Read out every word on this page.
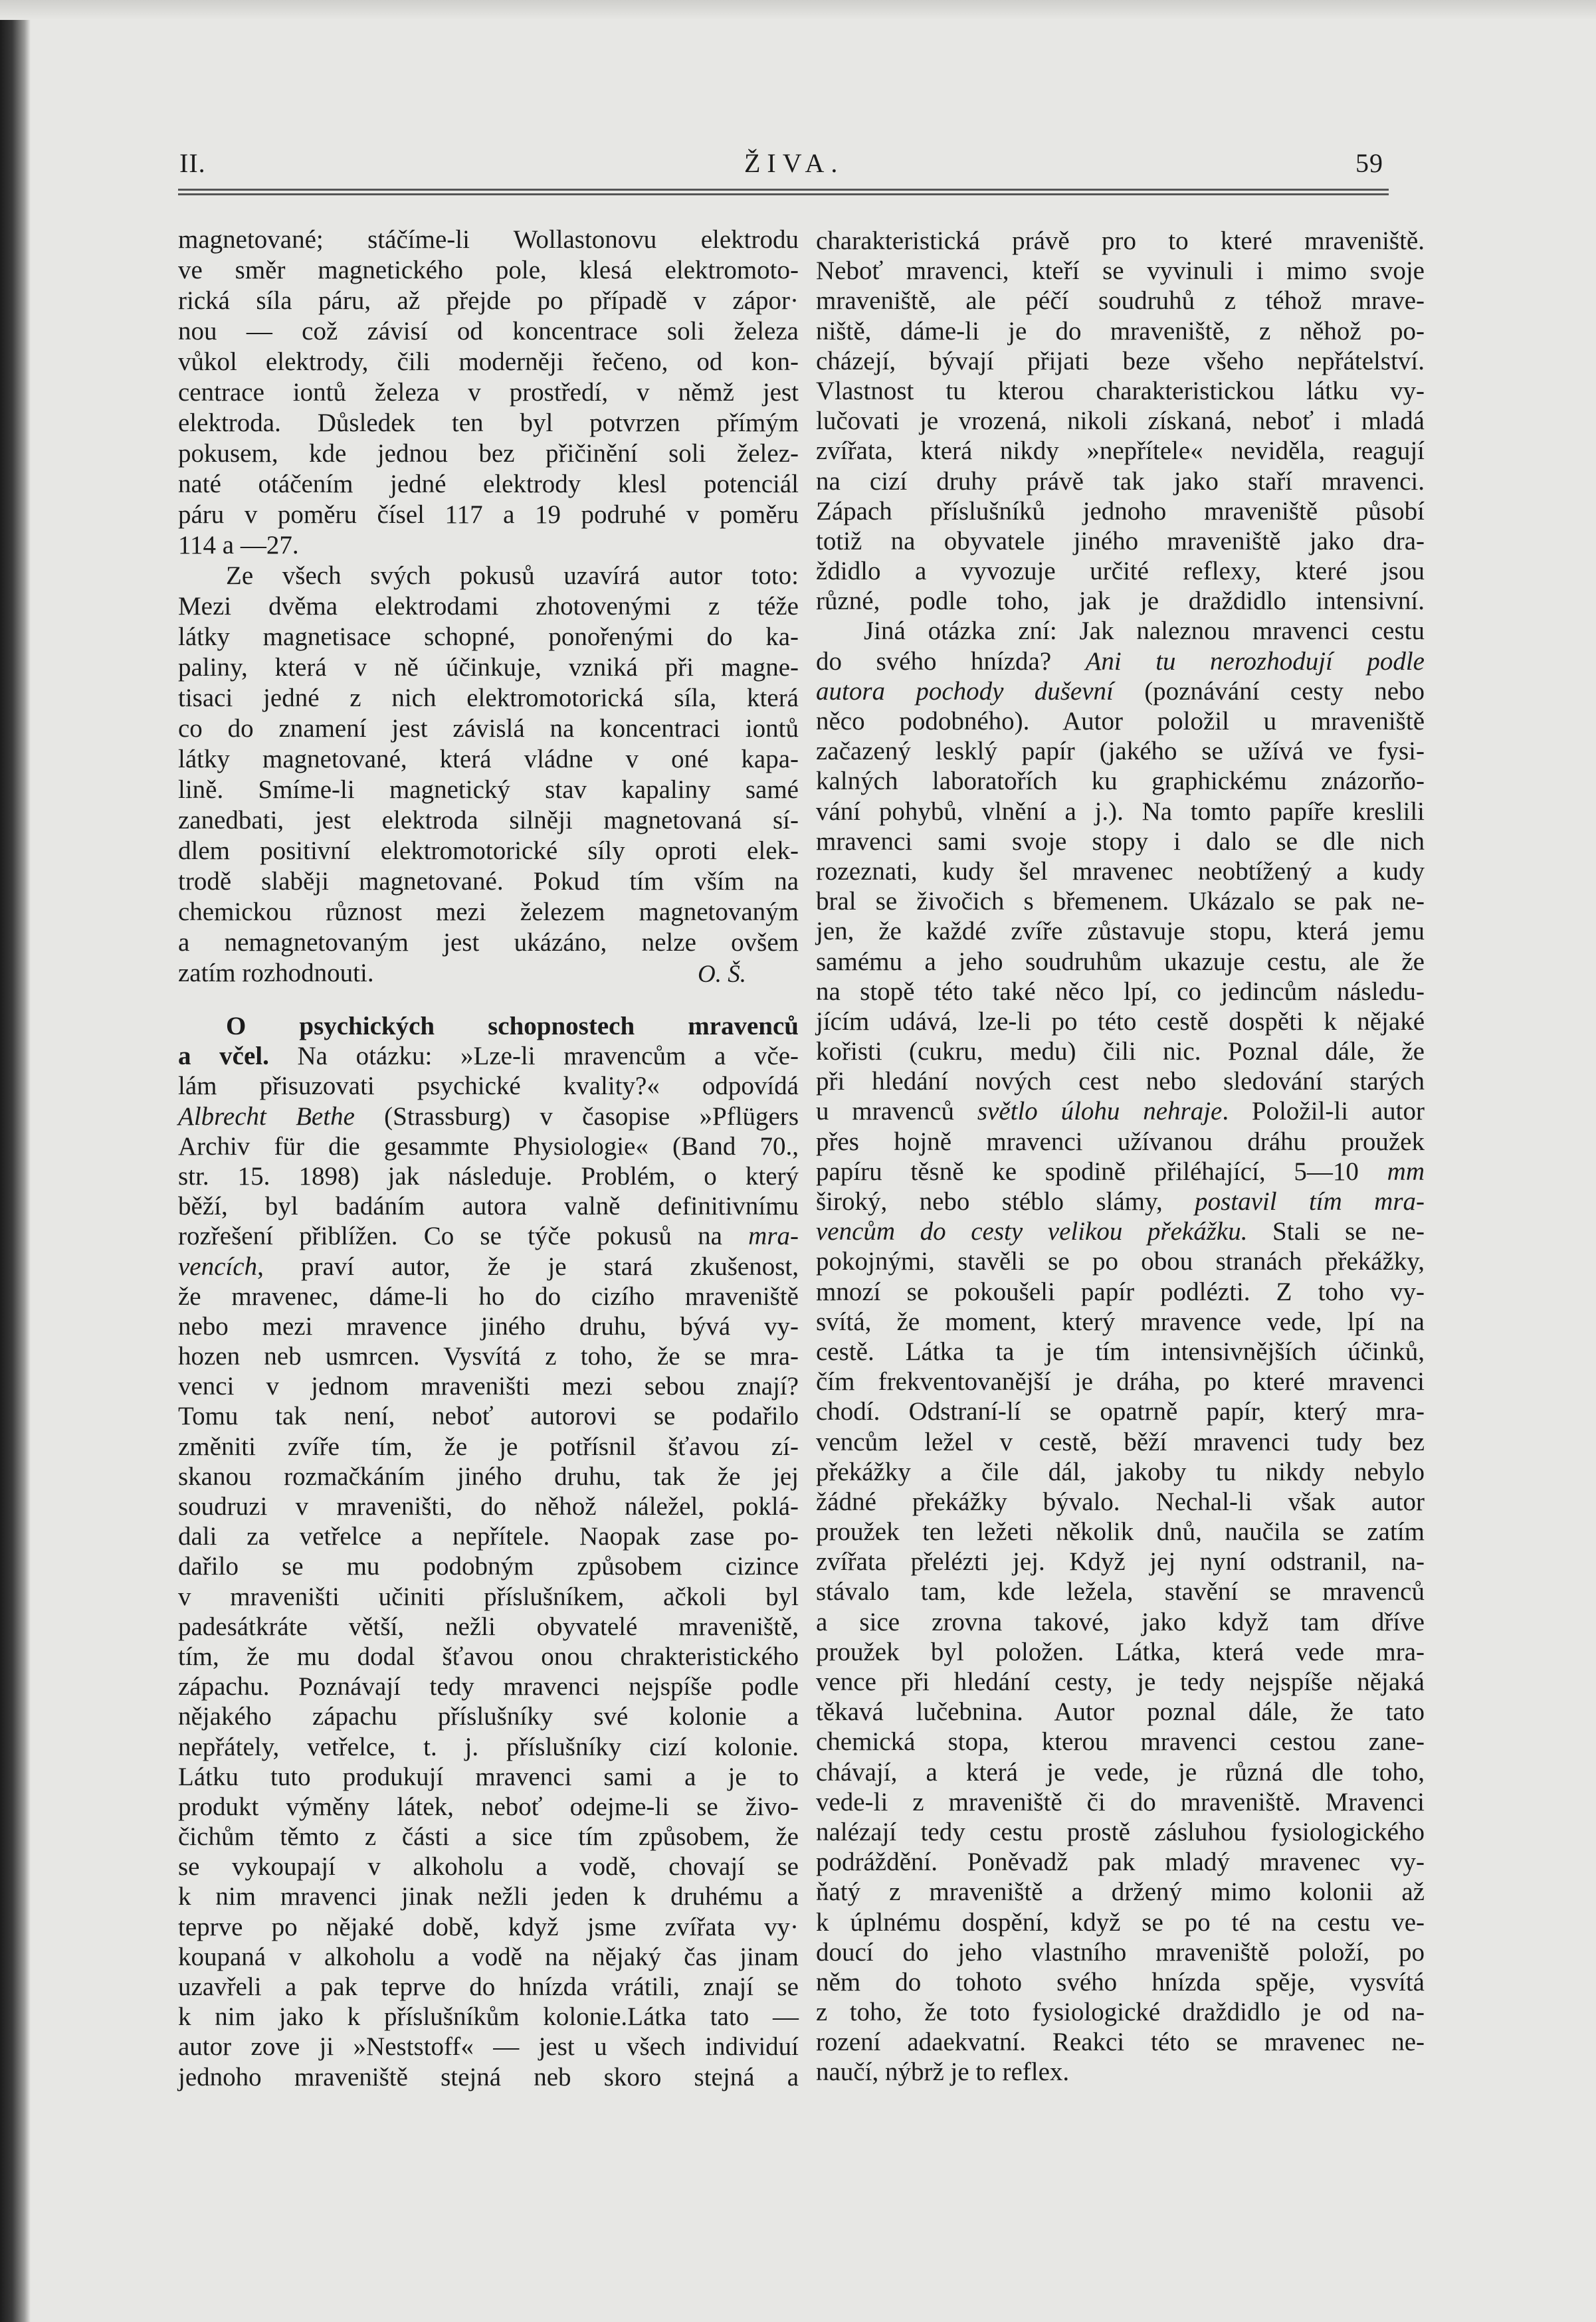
II.	ŽIVA.	59
magnetované; stáčíme-li Wollastonovu elektrodu
ve směr magnetického pole, klesá elektromoto-
rická síla páru, až přejde po případě v zápor·
nou — což závisí od koncentrace soli železa
vůkol elektrody, čili moderněji řečeno, od kon-
centrace iontů železa v prostředí, v němž jest
elektroda. Důsledek ten byl potvrzen přímým
pokusem, kde jednou bez přičinění soli želez-
naté otáčením jedné elektrody klesl potenciál
páru v poměru čísel 117 a 19 podruhé v poměru
114 a —27.
Ze všech svých pokusů uzavírá autor toto:
Mezi dvěma elektrodami zhotovenými z téže
látky magnetisace schopné, ponořenými do ka-
paliny, která v ně účinkuje, vzniká při magne-
tisaci jedné z nich elektromotorická síla, která
co do znamení jest závislá na koncentraci iontů
látky magnetované, která vládne v oné kapa-
lině. Smíme-li magnetický stav kapaliny samé
zanedbati, jest elektroda silněji magnetovaná sí-
dlem positivní elektromotorické síly oproti elek-
trodě slaběji magnetované. Pokud tím vším na
chemickou různost mezi železem magnetovaným
a nemagnetovaným jest ukázáno, nelze ovšem
zatím rozhodnouti.	O. Š.
O psychických schopnostech mravenců
a včel. Na otázku: »Lze-li mravencům a vče-
lám přisuzovati psychické kvality?« odpovídá
Albrecht Bethe (Strassburg) v časopise »Pflügers
Archiv für die gesammte Physiologie« (Band 70.,
str. 15. 1898) jak následuje. Problém, o který
běží, byl badáním autora valně definitivnímu
rozřešení přiblížen. Co se týče pokusů na mra-
vencích, praví autor, že je stará zkušenost,
že mravenec, dáme-li ho do cizího mraveniště
nebo mezi mravence jiného druhu, bývá vy-
hozen neb usmrcen. Vysvítá z toho, že se mra-
venci v jednom mraveništi mezi sebou znají?
Tomu tak není, neboť autorovi se podařilo
změniti zvíře tím, že je potřísnil šťavou zí-
skanou rozmačkáním jiného druhu, tak že jej
soudruzi v mraveništi, do něhož náležel, poklá-
dali za vetřelce a nepřítele. Naopak zase po-
dařilo se mu podobným způsobem cizince
v mraveništi učiniti příslušníkem, ačkoli byl
padesátkráte větší, nežli obyvatelé mraveniště,
tím, že mu dodal šťavou onou chrakteristického
zápachu. Poznávají tedy mravenci nejspíše podle
nějakého zápachu příslušníky své kolonie a
nepřátely, vetřelce, t. j. příslušníky cizí kolonie.
Látku tuto produkují mravenci sami a je to
produkt výměny látek, neboť odejme-li se živo-
čichům těmto z části a sice tím způsobem, že
se vykoupají v alkoholu a vodě, chovají se
k nim mravenci jinak nežli jeden k druhému a
teprve po nějaké době, když jsme zvířata vy·
koupaná v alkoholu a vodě na nějaký čas jinam
uzavřeli a pak teprve do hnízda vrátili, znají se
k nim jako k příslušníkům kolonie.Látka tato —
autor zove ji »Neststoff« — jest u všech individuí
jednoho mraveniště stejná neb skoro stejná a
charakteristická právě pro to které mraveniště.
Neboť mravenci, kteří se vyvinuli i mimo svoje
mraveniště, ale péčí soudruhů z téhož mrave-
niště, dáme-li je do mraveniště, z něhož po-
cházejí, bývají přijati beze všeho nepřátelství.
Vlastnost tu kterou charakteristickou látku vy-
lučovati je vrozená, nikoli získaná, neboť i mladá
zvířata, která nikdy »nepřítele« neviděla, reagují
na cizí druhy právě tak jako staří mravenci.
Zápach příslušníků jednoho mraveniště působí
totiž na obyvatele jiného mraveniště jako dra-
ždidlo a vyvozuje určité reflexy, které jsou
různé, podle toho, jak je draždidlo intensivní.
Jiná otázka zní: Jak naleznou mravenci cestu
do svého hnízda? Ani tu nerozhodují podle
autora pochody duševní (poznávání cesty nebo
něco podobného). Autor položil u mraveniště
začazený lesklý papír (jakého se užívá ve fysi-
kalných laboratořích ku graphickému znázorňo-
vání pohybů, vlnění a j.). Na tomto papíře kreslili
mravenci sami svoje stopy i dalo se dle nich
rozeznati, kudy šel mravenec neobtížený a kudy
bral se živočich s břemenem. Ukázalo se pak ne-
jen, že každé zvíře zůstavuje stopu, která jemu
samému a jeho soudruhům ukazuje cestu, ale že
na stopě této také něco lpí, co jedincům následu-
jícím udává, lze-li po této cestě dospěti k nějaké
kořisti (cukru, medu) čili nic. Poznal dále, že
při hledání nových cest nebo sledování starých
u mravenců světlo úlohu nehraje. Položil-li autor
přes hojně mravenci užívanou dráhu proužek
papíru těsně ke spodině přiléhající, 5—10 mm
široký, nebo stéblo slámy, postavil tím mra-
vencům do cesty velikou překážku. Stali se ne-
pokojnými, stavěli se po obou stranách překážky,
mnozí se pokoušeli papír podlézti. Z toho vy-
svítá, že moment, který mravence vede, lpí na
cestě. Látka ta je tím intensivnějších účinků,
čím frekventovanější je dráha, po které mravenci
chodí. Odstraní-lí se opatrně papír, který mra-
vencům ležel v cestě, běží mravenci tudy bez
překážky a čile dál, jakoby tu nikdy nebylo
žádné překážky bývalo. Nechal-li však autor
proužek ten ležeti několik dnů, naučila se zatím
zvířata přelézti jej. Když jej nyní odstranil, na-
stávalo tam, kde ležela, stavění se mravenců
a sice zrovna takové, jako když tam dříve
proužek byl položen. Látka, která vede mra-
vence při hledání cesty, je tedy nejspíše nějaká
těkavá lučebnina. Autor poznal dále, že tato
chemická stopa, kterou mravenci cestou zane-
chávají, a která je vede, je různá dle toho,
vede-li z mraveniště či do mraveniště. Mravenci
nalézají tedy cestu prostě zásluhou fysiologického
podráždění. Poněvadž pak mladý mravenec vy-
ňatý z mraveniště a držený mimo kolonii až
k úplnému dospění, když se po té na cestu ve-
doucí do jeho vlastního mraveniště položí, po
něm do tohoto svého hnízda spěje, vysvítá
z toho, že toto fysiologické draždidlo je od na-
rození adaekvatní. Reakci této se mravenec ne-
naučí, nýbrž je to reflex.
